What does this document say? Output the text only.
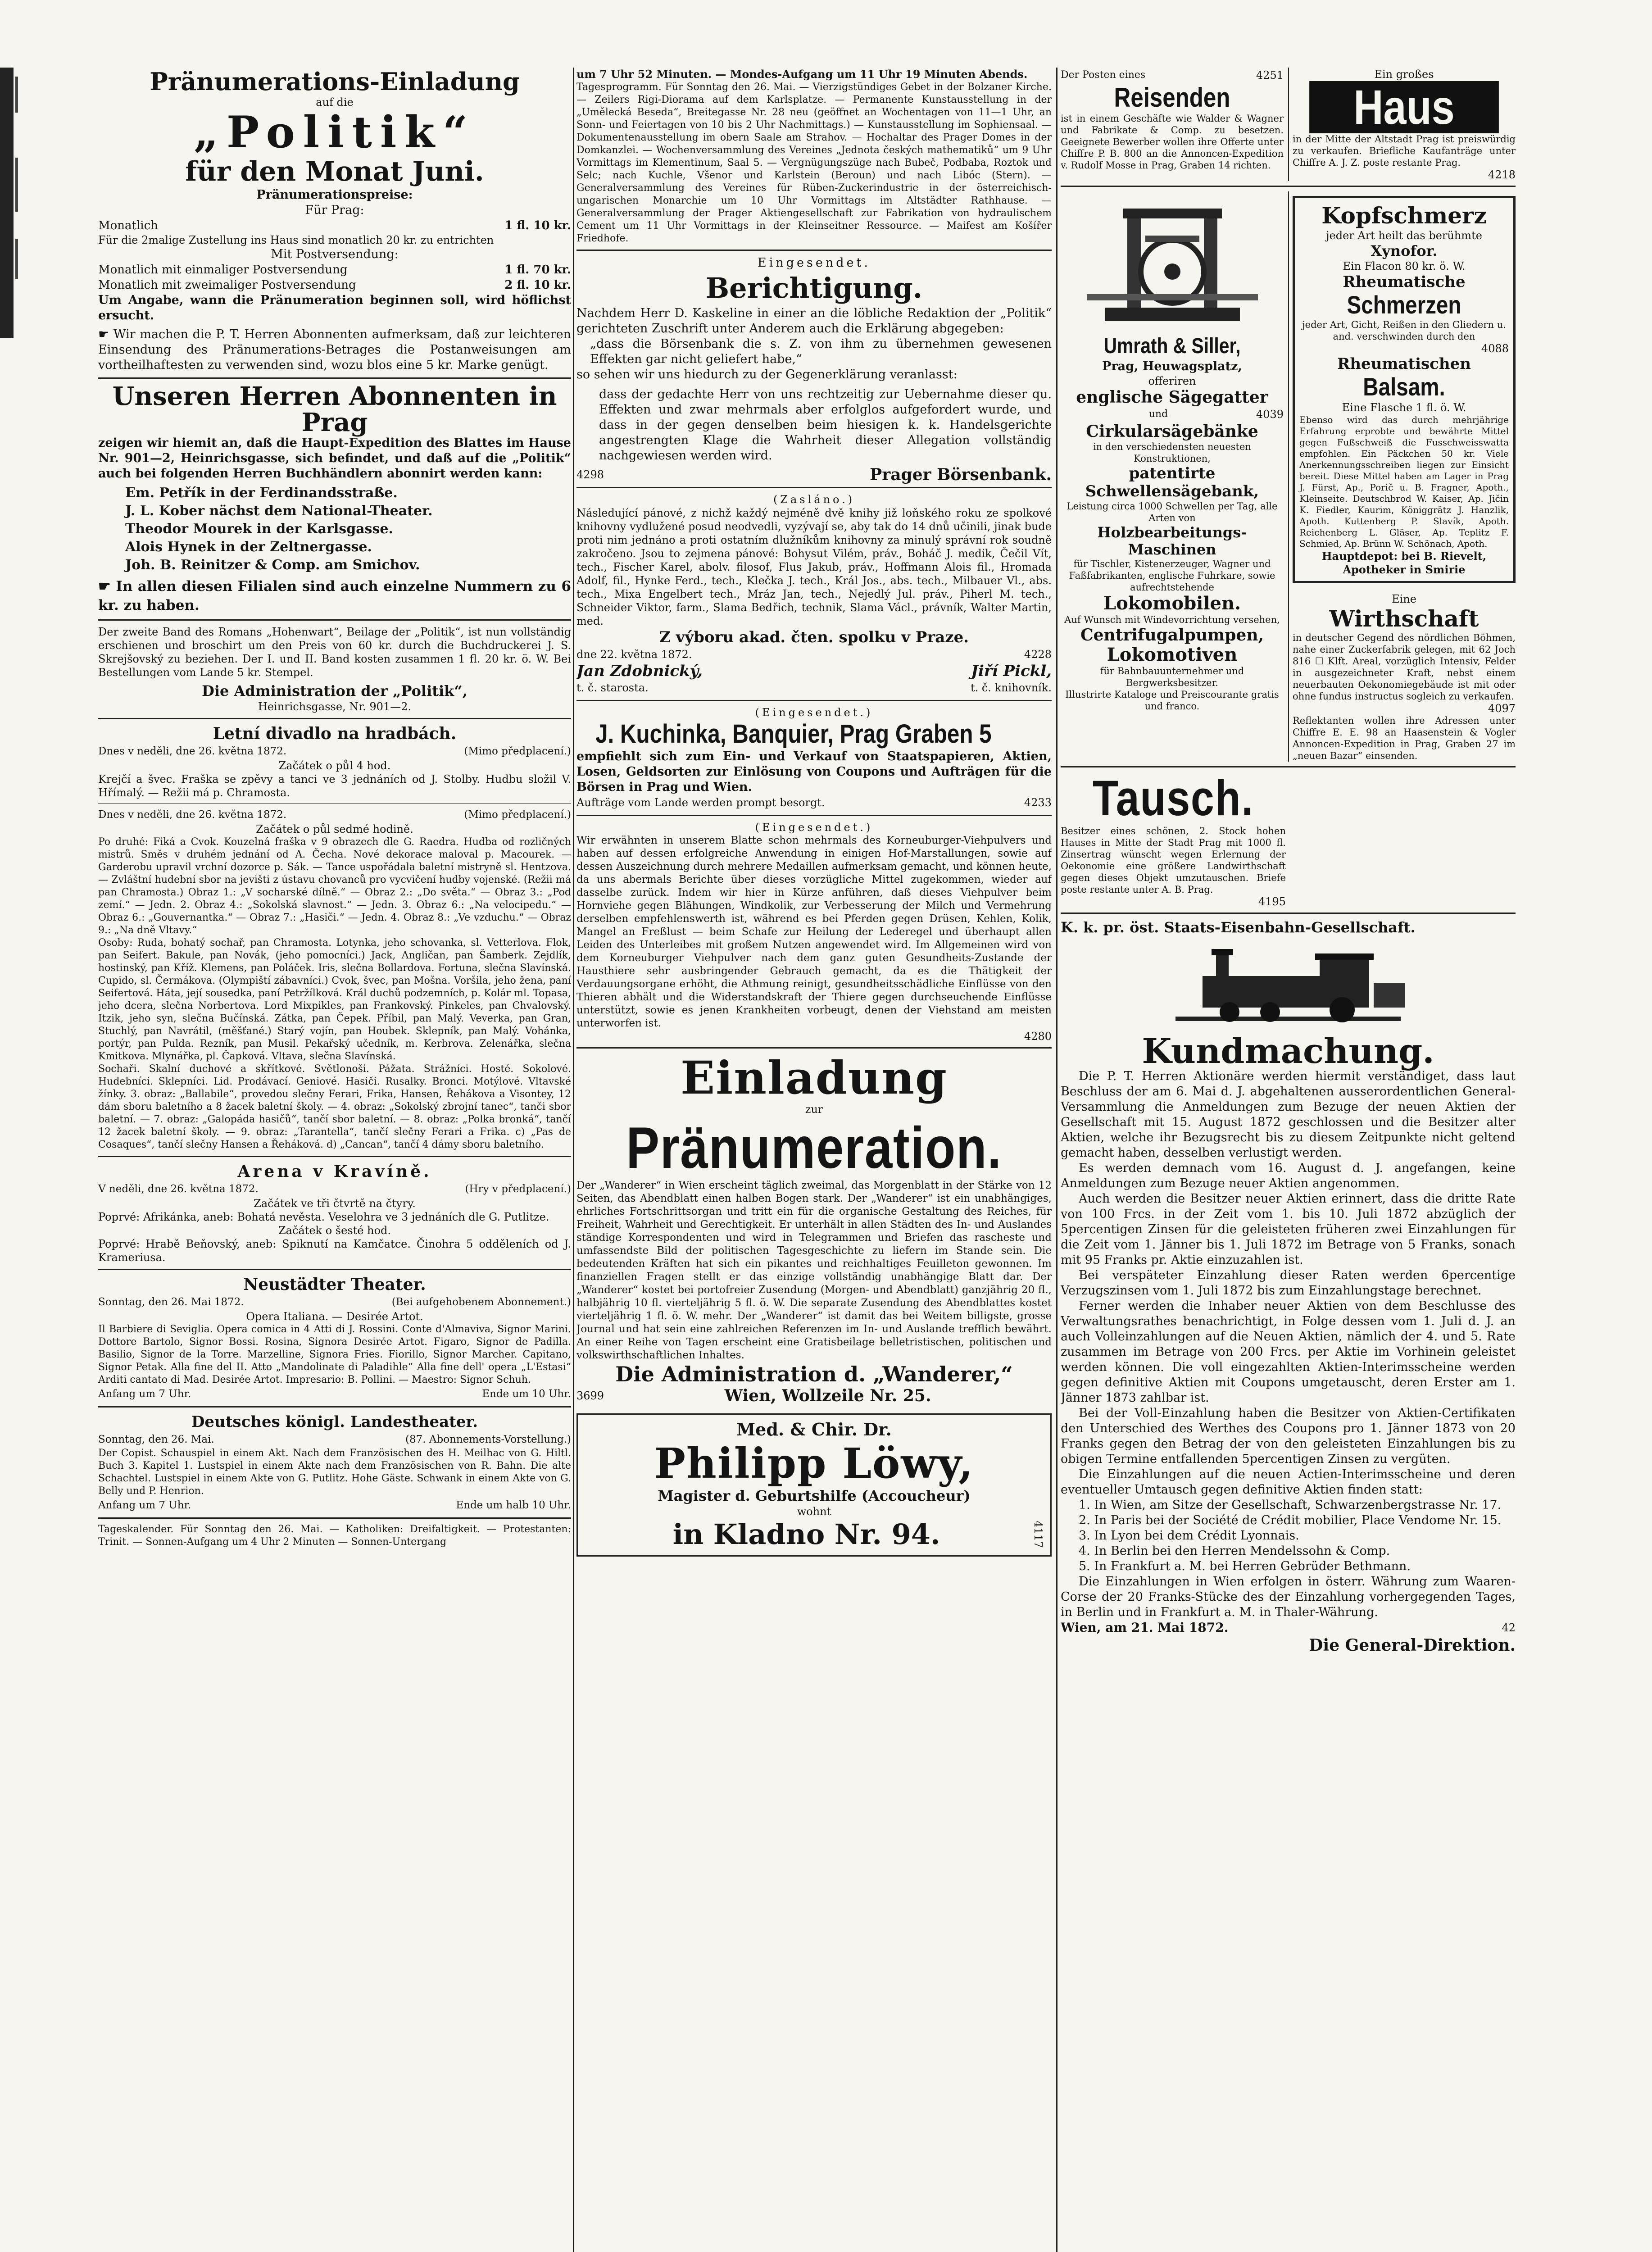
Pränumerations-Einladung

auf die

„Politik“
für den Monat Juni.

Pränumerationspreise:

Für Prag:

Monatlich	1 fl. 10 kr.

Für die 2malige Zustellung ins Haus sind monatlich 20 kr. zu entrichten

Mit Postversendung:

Monatlich mit einmaliger Postversendung	1 fl. 70 kr.
Monatlich mit zweimaliger Postversendung	2 fl. 10 kr.

Um Angabe, wann die Pränumeration beginnen soll, wird höflichst ersucht.

☛ Wir machen die P. T. Herren Abonnenten aufmerksam, daß zur leichteren Einsendung des Pränumerations-Betrages die Postanweisungen am vortheilhaftesten zu verwenden sind, wozu blos eine 5 kr. Marke genügt.

Unseren Herren Abonnenten in Prag

zeigen wir hiemit an, daß die Haupt-Expedition des Blattes im Hause Nr. 901—2, Heinrichsgasse, sich befindet, und daß auf die „Politik“ auch bei folgenden Herren Buchhändlern abonnirt werden kann:

Em. Petřík in der Ferdinandsstraße.

J. L. Kober nächst dem National-Theater.

Theodor Mourek in der Karlsgasse.

Alois Hynek in der Zeltnergasse.

Joh. B. Reinitzer & Comp. am Smichov.

☛ In allen diesen Filialen sind auch einzelne Nummern zu 6 kr. zu haben.

Der zweite Band des Romans „Hohenwart“, Beilage der „Politik“, ist nun vollständig erschienen und broschirt um den Preis von 60 kr. durch die Buchdruckerei J. S. Skrejšovský zu beziehen. Der I. und II. Band kosten zusammen 1 fl. 20 kr. ö. W. Bei Bestellungen vom Lande 5 kr. Stempel.

Die Administration der „Politik“,

Heinrichsgasse, Nr. 901—2.

Letní divadlo na hradbách.
Dnes v neděli, dne 26. května 1872.	(Mimo předplacení.)

Začátek o půl 4 hod.

Krejčí a švec. Fraška se zpěvy a tanci ve 3 jednáních od J. Stolby. Hudbu složil V. Hřímalý. — Režii má p. Chramosta.

Dnes v neděli, dne 26. května 1872.	(Mimo předplacení.)

Začátek o půl sedmé hodině.

Po druhé: Fiká a Cvok. Kouzelná fraška v 9 obrazech dle G. Raedra. Hudba od rozličných mistrů. Směs v druhém jednání od A. Čecha. Nové dekorace maloval p. Macourek. — Garderobu upravil vrchní dozorce p. Sák. — Tance uspořádala baletní mistryně sl. Hentzova. — Zvláštní hudební sbor na jevišti z ústavu chovanců pro vycvičení hudby vojenské. (Režii má pan Chramosta.) Obraz 1.: „V socharské dílně.“ — Obraz 2.: „Do světa.“ — Obraz 3.: „Pod zemí.“ — Jedn. 2. Obraz 4.: „Sokolská slavnost.“ — Jedn. 3. Obraz 6.: „Na velocipedu.“ — Obraz 6.: „Gouvernantka.“ — Obraz 7.: „Hasiči.“ — Jedn. 4. Obraz 8.: „Ve vzduchu.“ — Obraz 9.: „Na dně Vltavy.“

Osoby: Ruda, bohatý sochař, pan Chramosta. Lotynka, jeho schovanka, sl. Vetterlova. Flok, pan Seifert. Bakule, pan Novák, (jeho pomocníci.) Jack, Angličan, pan Šamberk. Zejdlík, hostinský, pan Kříž. Klemens, pan Poláček. Iris, slečna Bollardova. Fortuna, slečna Slavínská. Cupido, sl. Čermákova. (Olympiští zábavníci.) Cvok, švec, pan Mošna. Voršila, jeho žena, paní Seifertová. Háta, její sousedka, paní Petržílková. Král duchů podzemních, p. Kolár ml. Topasa, jeho dcera, slečna Norbertova. Lord Mixpikles, pan Frankovský. Pinkeles, pan Chvalovský. Itzik, jeho syn, slečna Bučínská. Zátka, pan Čepek. Příbil, pan Malý. Veverka, pan Gran, Stuchlý, pan Navrátil, (měšťané.) Starý vojín, pan Houbek. Sklepník, pan Malý. Vohánka, portýr, pan Pulda. Rezník, pan Musil. Pekařský učedník, m. Kerbrova. Zelenářka, slečna Kmitkova. Mlynářka, pl. Čapková. Vltava, slečna Slavínská.

Sochaři. Skalní duchové a skřítkové. Světlonoši. Pážata. Strážníci. Hosté. Sokolové. Hudebníci. Sklepníci. Lid. Prodávací. Geniové. Hasiči. Rusalky. Bronci. Motýlové. Vltavské žínky. 3. obraz: „Ballabile“, provedou slečny Ferari, Frika, Hansen, Řehákova a Visontey, 12 dám sboru baletního a 8 žacek baletní školy. — 4. obraz: „Sokolský zbrojní tanec“, tanči sbor baletní. — 7. obraz: „Galopáda hasičů“, tančí sbor baletní. — 8. obraz: „Polka bronká“, tančí 12 žacek baletní školy. — 9. obraz: „Tarantella“, tančí slečny Ferari a Frika. c) „Pas de Cosaques“, tančí slečny Hansen a Řeháková. d) „Cancan“, tančí 4 dámy sboru baletního.

Arena v Kravíně.
V neděli, dne 26. května 1872.	(Hry v předplacení.)

Začátek ve tři čtvrtě na čtyry.

Poprvé: Afrikánka, aneb: Bohatá nevěsta. Veselohra ve 3 jednáních dle G. Putlitze.

Začátek o šesté hod.

Poprvé: Hrabě Beňovský, aneb: Spiknutí na Kamčatce. Činohra 5 odděleních od J. Krameriusa.

Neustädter Theater.
Sonntag, den 26. Mai 1872.	(Bei aufgehobenem Abonnement.)

Opera Italiana. — Desirée Artot.

Il Barbiere di Seviglia. Opera comica in 4 Atti di J. Rossini. Conte d'Almaviva, Signor Marini. Dottore Bartolo, Signor Bossi. Rosina, Signora Desirée Artot. Figaro, Signor de Padilla. Basilio, Signor de la Torre. Marzelline, Signora Fries. Fiorillo, Signor Marcher. Capitano, Signor Petak. Alla fine del II. Atto „Mandolinate di Paladihle“ Alla fine dell' opera „L'Estasi“ Arditi cantato di Mad. Desirée Artot. Impresario: B. Pollini. — Maestro: Signor Schuh.

Anfang um 7 Uhr.	Ende um 10 Uhr.
Deutsches königl. Landestheater.
Sonntag, den 26. Mai.	(87. Abonnements-Vorstellung.)

Der Copist. Schauspiel in einem Akt. Nach dem Französischen des H. Meilhac von G. Hiltl. Buch 3. Kapitel 1. Lustspiel in einem Akte nach dem Französischen von R. Bahn. Die alte Schachtel. Lustspiel in einem Akte von G. Putlitz. Hohe Gäste. Schwank in einem Akte von G. Belly und P. Henrion.

Anfang um 7 Uhr.	Ende um halb 10 Uhr.

Tageskalender. Für Sonntag den 26. Mai. — Katholiken: Dreifaltigkeit. — Protestanten: Trinit. — Sonnen-Aufgang um 4 Uhr 2 Minuten — Sonnen-Untergang

um 7 Uhr 52 Minuten. — Mondes-Aufgang um 11 Uhr 19 Minuten Abends.

Tagesprogramm. Für Sonntag den 26. Mai. — Vierzigstündiges Gebet in der Bolzaner Kirche. — Zeilers Rigi-Diorama auf dem Karlsplatze. — Permanente Kunstausstellung in der „Umělecká Beseda“, Breitegasse Nr. 28 neu (geöffnet an Wochentagen von 11—1 Uhr, an Sonn- und Feiertagen von 10 bis 2 Uhr Nachmittags.) — Kunstausstellung im Sophiensaal. — Dokumentenausstellung im obern Saale am Strahov. — Hochaltar des Prager Domes in der Domkanzlei. — Wochenversammlung des Vereines „Jednota českých mathematiků“ um 9 Uhr Vormittags im Klementinum, Saal 5. — Vergnügungszüge nach Bubeč, Podbaba, Roztok und Selc; nach Kuchle, Všenor und Karlstein (Beroun) und nach Libóc (Stern). — Generalversammlung des Vereines für Rüben-Zuckerindustrie in der österreichisch-ungarischen Monarchie um 10 Uhr Vormittags im Altstädter Rathhause. — Generalversammlung der Prager Aktiengesellschaft zur Fabrikation von hydraulischem Cement um 11 Uhr Vormittags in der Kleinseitner Ressource. — Maifest am Košířer Friedhofe.

Eingesendet.

Berichtigung.

Nachdem Herr D. Kaskeline in einer an die löbliche Redaktion der „Politik“ gerichteten Zuschrift unter Anderem auch die Erklärung abgegeben:

„dass die Börsenbank die s. Z. von ihm zu übernehmen gewesenen Effekten gar nicht geliefert habe,“

so sehen wir uns hiedurch zu der Gegenerklärung veranlasst:

dass der gedachte Herr von uns rechtzeitig zur Uebernahme dieser qu. Effekten und zwar mehrmals aber erfolglos aufgefordert wurde, und dass in der gegen denselben beim hiesigen k. k. Handelsgerichte angestrengten Klage die Wahrheit dieser Allegation vollständig nachgewiesen werden wird.

4298	Prager Börsenbank.

(Zasláno.)

Následující pánové, z nichž každý nejméně dvě knihy již loňského roku ze spolkové knihovny vydlužené posud neodvedli, vyzývají se, aby tak do 14 dnů učinili, jinak bude proti nim jednáno a proti ostatním dlužníkům knihovny za minulý správní rok soudně zakročeno. Jsou to zejmena pánové: Bohysut Vilém, práv., Boháč J. medik, Čečil Vít, tech., Fischer Karel, abolv. filosof, Flus Jakub, práv., Hoffmann Alois fil., Hromada Adolf, fil., Hynke Ferd., tech., Klečka J. tech., Král Jos., abs. tech., Milbauer Vl., abs. tech., Mixa Engelbert tech., Mráz Jan, tech., Nejedlý Jul. práv., Piherl M. tech., Schneider Viktor, farm., Slama Bedřich, technik, Slama Václ., právník, Walter Martin, med.

Z výboru akad. čten. spolku v Praze.

dne 22. května 1872.	4228
Jan Zdobnický,	Jiří Pickl,
t. č. starosta.	t. č. knihovník.

(Eingesendet.)

J. Kuchinka, Banquier, Prag Graben 5

empfiehlt sich zum Ein- und Verkauf von Staatspapieren, Aktien, Losen, Geldsorten zur Einlösung von Coupons und Aufträgen für die Börsen in Prag und Wien.

Aufträge vom Lande werden prompt besorgt.	4233

(Eingesendet.)

Wir erwähnten in unserem Blatte schon mehrmals des Korneuburger-Viehpulvers und haben auf dessen erfolgreiche Anwendung in einigen Hof-Marstallungen, sowie auf dessen Auszeichnung durch mehrere Medaillen aufmerksam gemacht, und können heute, da uns abermals Berichte über dieses vorzügliche Mittel zugekommen, wieder auf dasselbe zurück. Indem wir hier in Kürze anführen, daß dieses Viehpulver beim Hornviehe gegen Blähungen, Windkolik, zur Verbesserung der Milch und Vermehrung derselben empfehlenswerth ist, während es bei Pferden gegen Drüsen, Kehlen, Kolik, Mangel an Freßlust — beim Schafe zur Heilung der Lederegel und überhaupt allen Leiden des Unterleibes mit großem Nutzen angewendet wird. Im Allgemeinen wird von dem Korneuburger Viehpulver nach dem ganz guten Gesundheits-Zustande der Hausthiere sehr ausbringender Gebrauch gemacht, da es die Thätigkeit der Verdauungsorgane erhöht, die Athmung reinigt, gesundheitsschädliche Einflüsse von den Thieren abhält und die Widerstandskraft der Thiere gegen durchseuchende Einflüsse unterstützt, sowie es jenen Krankheiten vorbeugt, denen der Viehstand am meisten unterworfen ist.

4280

Einladung

zur

Pränumeration.

Der „Wanderer“ in Wien erscheint täglich zweimal, das Morgenblatt in der Stärke von 12 Seiten, das Abendblatt einen halben Bogen stark. Der „Wanderer“ ist ein unabhängiges, ehrliches Fortschrittsorgan und tritt ein für die organische Gestaltung des Reiches, für Freiheit, Wahrheit und Gerechtigkeit. Er unterhält in allen Städten des In- und Auslandes ständige Korrespondenten und wird in Telegrammen und Briefen das rascheste und umfassendste Bild der politischen Tagesgeschichte zu liefern im Stande sein. Die bedeutenden Kräften hat sich ein pikantes und reichhaltiges Feuilleton gewonnen. Im finanziellen Fragen stellt er das einzige vollständig unabhängige Blatt dar. Der „Wanderer“ kostet bei portofreier Zusendung (Morgen- und Abendblatt) ganzjährig 20 fl., halbjährig 10 fl. vierteljährig 5 fl. ö. W. Die separate Zusendung des Abendblattes kostet vierteljährig 1 fl. ö. W. mehr. Der „Wanderer“ ist damit das bei Weitem billigste, grosse Journal und hat sein eine zahlreichen Referenzen im In- und Auslande trefflich bewährt. An einer Reihe von Tagen erscheint eine Gratisbeilage belletristischen, politischen und volkswirthschaftlichen Inhaltes.

Die Administration d. „Wanderer,“
3699	Wien, Wollzeile Nr. 25.

Med. & Chir. Dr.

Philipp Löwy,

Magister d. Geburtshilfe (Accoucheur)

wohnt

in Kladno Nr. 94.	4117
Der Posten eines	4251
Reisenden

ist in einem Geschäfte wie Walder & Wagner und Fabrikate & Comp. zu besetzen. Geeignete Bewerber wollen ihre Offerte unter Chiffre P. B. 800 an die Annoncen-Expedition v. Rudolf Mosse in Prag, Graben 14 richten.

Ein großes

Haus

in der Mitte der Altstadt Prag ist preiswürdig zu verkaufen. Briefliche Kaufanträge unter Chiffre A. J. Z. poste restante Prag.

4218

Umrath & Siller,

Prag, Heuwagsplatz,

offeriren

englische Sägegatter

und	4039

Cirkularsägebänke

in den verschiedensten neuesten Konstruktionen,

patentirte Schwellensägebank,

Leistung circa 1000 Schwellen per Tag, alle Arten von

Holzbearbeitungs-Maschinen

für Tischler, Kistenerzeuger, Wagner und Faßfabrikanten, englische Fuhrkare, sowie aufrechtstehende

Lokomobilen.

Auf Wunsch mit Windevorrichtung versehen,

Centrifugalpumpen,

Lokomotiven

für Bahnbauunternehmer und Bergwerksbesitzer.

Illustrirte Kataloge und Preiscourante gratis und franco.

Kopfschmerz

jeder Art heilt das berühmte

Xynofor.

Ein Flacon 80 kr. ö. W.

Rheumatische

Schmerzen

jeder Art, Gicht, Reißen in den Gliedern u. and. verschwinden durch den

4088

Rheumatischen

Balsam.

Eine Flasche 1 fl. ö. W.

Ebenso wird das durch mehrjährige Erfahrung erprobte und bewährte Mittel gegen Fußschweiß die Fusschweisswatta empfohlen. Ein Päckchen 50 kr. Viele Anerkennungsschreiben liegen zur Einsicht bereit. Diese Mittel haben am Lager in Prag J. Fürst, Ap., Porič u. B. Fragner, Apoth., Kleinseite. Deutschbrod W. Kaiser, Ap. Jičin K. Fiedler, Kaurim, Königgrätz J. Hanzlik, Apoth. Kuttenberg P. Slavík, Apoth. Reichenberg L. Gläser, Ap. Teplitz F. Schmied, Ap. Brünn W. Schönach, Apoth.

Hauptdepot: bei B. Rievelt, Apotheker in Smirie

Eine

Wirthschaft

in deutscher Gegend des nördlichen Böhmen, nahe einer Zuckerfabrik gelegen, mit 62 Joch 816 ☐ Klft. Areal, vorzüglich Intensiv, Felder in ausgezeichneter Kraft, nebst einem neuerbauten Oekonomiegebäude ist mit oder ohne fundus instructus sogleich zu verkaufen.

4097

Reflektanten wollen ihre Adressen unter Chiffre E. E. 98 an Haasenstein & Vogler Annoncen-Expedition in Prag, Graben 27 im „neuen Bazar“ einsenden.

Tausch.

Besitzer eines schönen, 2. Stock hohen Hauses in Mitte der Stadt Prag mit 1000 fl. Zinsertrag wünscht wegen Erlernung der Oekonomie eine größere Landwirthschaft gegen dieses Objekt umzutauschen. Briefe poste restante unter A. B. Prag.

4195

K. k. pr. öst. Staats-Eisenbahn-Gesellschaft.

Kundmachung.

Die P. T. Herren Aktionäre werden hiermit verständiget, dass laut Beschluss der am 6. Mai d. J. abgehaltenen ausserordentlichen General-Versammlung die Anmeldungen zum Bezuge der neuen Aktien der Gesellschaft mit 15. August 1872 geschlossen und die Besitzer alter Aktien, welche ihr Bezugsrecht bis zu diesem Zeitpunkte nicht geltend gemacht haben, desselben verlustigt werden.

Es werden demnach vom 16. August d. J. angefangen, keine Anmeldungen zum Bezuge neuer Aktien angenommen.

Auch werden die Besitzer neuer Aktien erinnert, dass die dritte Rate von 100 Frcs. in der Zeit vom 1. bis 10. Juli 1872 abzüglich der 5percentigen Zinsen für die geleisteten früheren zwei Einzahlungen für die Zeit vom 1. Jänner bis 1. Juli 1872 im Betrage von 5 Franks, sonach mit 95 Franks pr. Aktie einzuzahlen ist.

Bei verspäteter Einzahlung dieser Raten werden 6percentige Verzugszinsen vom 1. Juli 1872 bis zum Einzahlungstage berechnet.

Ferner werden die Inhaber neuer Aktien von dem Beschlusse des Verwaltungsrathes benachrichtigt, in Folge dessen vom 1. Juli d. J. an auch Volleinzahlungen auf die Neuen Aktien, nämlich der 4. und 5. Rate zusammen im Betrage von 200 Frcs. per Aktie im Vorhinein geleistet werden können. Die voll eingezahlten Aktien-Interimsscheine werden gegen definitive Aktien mit Coupons umgetauscht, deren Erster am 1. Jänner 1873 zahlbar ist.

Bei der Voll-Einzahlung haben die Besitzer von Aktien-Certifikaten den Unterschied des Werthes des Coupons pro 1. Jänner 1873 von 20 Franks gegen den Betrag der von den geleisteten Einzahlungen bis zu obigen Termine entfallenden 5percentigen Zinsen zu vergüten.

Die Einzahlungen auf die neuen Actien-Interimsscheine und deren eventueller Umtausch gegen definitive Aktien finden statt:

1. In Wien, am Sitze der Gesellschaft, Schwarzenbergstrasse Nr. 17.

2. In Paris bei der Société de Crédit mobilier, Place Vendome Nr. 15.

3. In Lyon bei dem Crédit Lyonnais.

4. In Berlin bei den Herren Mendelssohn & Comp.

5. In Frankfurt a. M. bei Herren Gebrüder Bethmann.

Die Einzahlungen in Wien erfolgen in österr. Währung zum Waaren-Corse der 20 Franks-Stücke des der Einzahlung vorhergegenden Tages, in Berlin und in Frankfurt a. M. in Thaler-Währung.

Wien, am 21. Mai 1872.	42

Die General-Direktion.
